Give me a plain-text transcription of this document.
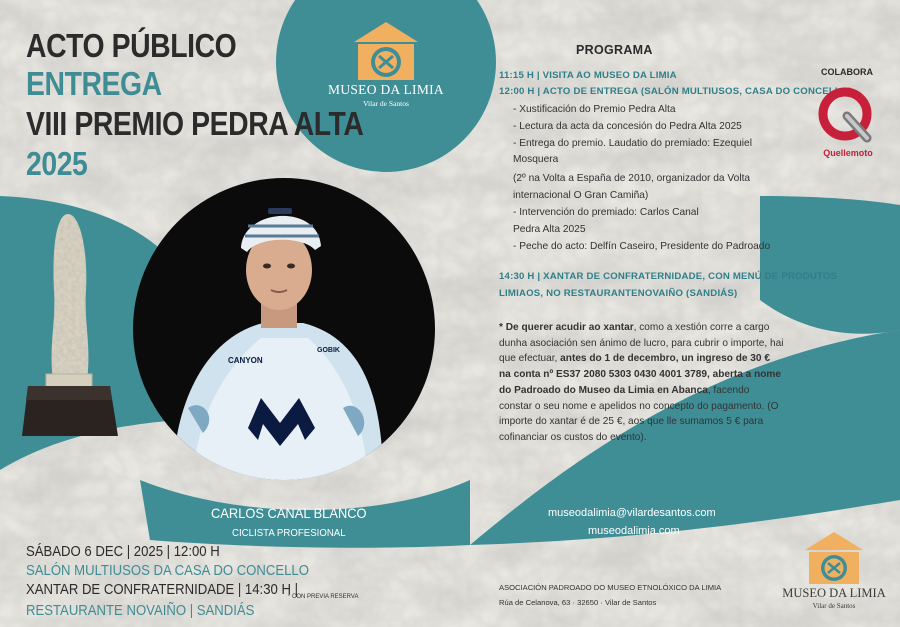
ACTO PÚBLICO
ENTREGA
VIII PREMIO PEDRA ALTA
2025
MUSEO DA LIMIA
Vilar de Santos
CANYON
GOBIK
PROGRAMA
11:15 H | VISITA AO MUSEO DA LIMIA
12:00 H | ACTO DE ENTREGA (SALÓN MULTIUSOS, CASA DO CONCELLO)
- Xustificación do Premio Pedra Alta
- Lectura da acta da concesión do Pedra Alta 2025
- Entrega do premio. Laudatio do premiado: Ezequiel
Mosquera
(2º na Volta a España de 2010, organizador da Volta
internacional O Gran Camiña)
- Intervención do premiado: Carlos Canal
Pedra Alta 2025
- Peche do acto: Delfín Caseiro, Presidente do Padroado
14:30 H | XANTAR DE CONFRATERNIDADE, CON MENÚ DE PRODUTOS
LIMIAOS, NO RESTAURANTENOVAIÑO (SANDIÁS)
* De querer acudir ao xantar, como a xestión corre a cargo dunha asociación sen ánimo de lucro, para cubrir o importe, hai que efectuar, antes do 1 de decembro, un ingreso de 30 € na conta nº ES37 2080 5303 0430 4001 3789, aberta a nome do Padroado do Museo da Limia en Abanca, facendo constar o seu nome e apelidos no concepto do pagamento. (O importe do xantar é de 25 €, aos que lle sumamos 5 € para cofinanciar os custos do evento).
COLABORA
Quellemoto
CARLOS CANAL BLANCO
CICLISTA PROFESIONAL
museodalimia@vilardesantos.com
museodalimia.com
SÁBADO 6 DEC | 2025 | 12:00 H
SALÓN MULTIUSOS DA CASA DO CONCELLO
XANTAR DE CONFRATERNIDADE | 14:30 H |
* CON PREVIA RESERVA
RESTAURANTE NOVAIÑO | SANDIÁS
ASOCIACIÓN PADROADO DO MUSEO ETNOLÓXICO DA LIMIA
Rúa de Celanova, 63 · 32650 · Vilar de Santos
MUSEO DA LIMIA
Vilar de Santos
